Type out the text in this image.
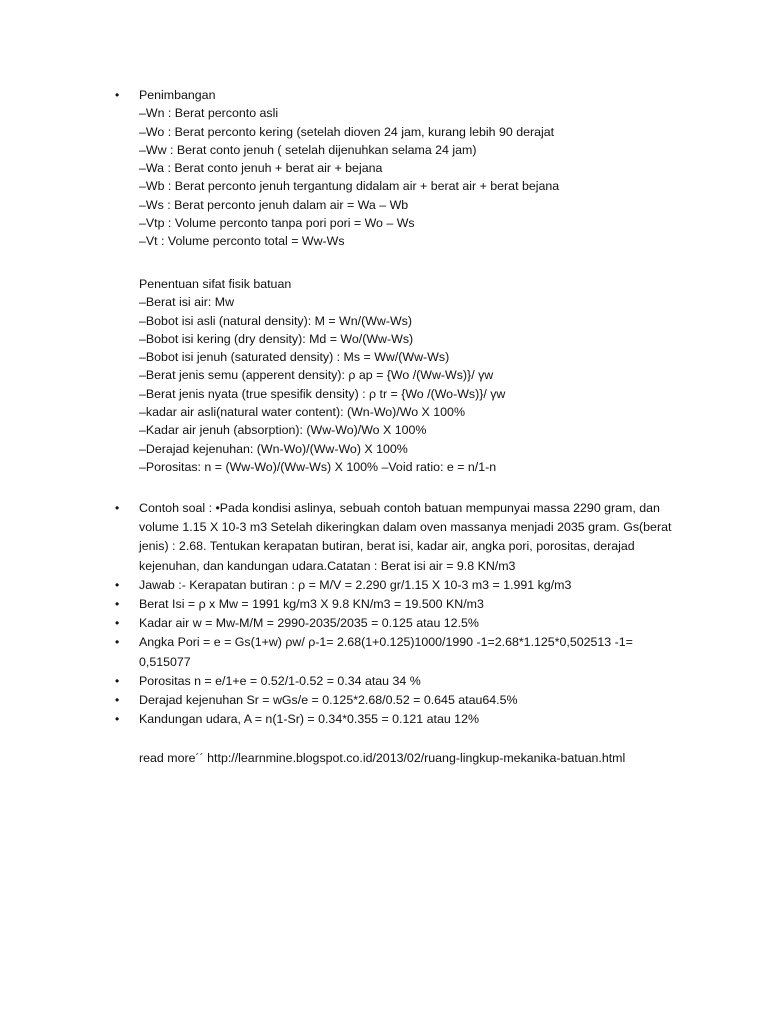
• Penimbangan
–Wn : Berat perconto asli
–Wo : Berat perconto kering (setelah dioven 24 jam, kurang lebih 90 derajat
–Ww : Berat conto jenuh ( setelah dijenuhkan selama 24 jam)
–Wa : Berat conto jenuh + berat air + bejana
–Wb : Berat perconto jenuh tergantung didalam air + berat air + berat bejana
–Ws : Berat perconto jenuh dalam air = Wa – Wb
–Vtp : Volume perconto tanpa pori pori = Wo – Ws
–Vt : Volume perconto total = Ww-Ws
Penentuan sifat fisik batuan
–Berat isi air: Mw
–Bobot isi asli (natural density): M = Wn/(Ww-Ws)
–Bobot isi kering (dry density): Md = Wo/(Ww-Ws)
–Bobot isi jenuh (saturated density) : Ms = Ww/(Ww-Ws)
–Berat jenis semu (apperent density): ρ ap = {Wo /(Ww-Ws)}/ γw
–Berat jenis nyata (true spesifik density) : ρ tr = {Wo /(Wo-Ws)}/ γw
–kadar air asli(natural water content): (Wn-Wo)/Wo X 100%
–Kadar air jenuh (absorption): (Ww-Wo)/Wo X 100%
–Derajad kejenuhan: (Wn-Wo)/(Ww-Wo) X 100%
–Porositas: n = (Ww-Wo)/(Ww-Ws) X 100% –Void ratio: e = n/1-n
• Contoh soal : •Pada kondisi aslinya, sebuah contoh batuan mempunyai massa 2290 gram, dan volume 1.15 X 10-3 m3 Setelah dikeringkan dalam oven massanya menjadi 2035 gram. Gs(berat jenis) : 2.68. Tentukan kerapatan butiran, berat isi, kadar air, angka pori, porositas, derajad kejenuhan, dan kandungan udara.Catatan : Berat isi air = 9.8 KN/m3
• Jawab :- Kerapatan butiran : ρ = M/V = 2.290 gr/1.15 X 10-3 m3 = 1.991 kg/m3
• Berat Isi = ρ x Mw = 1991 kg/m3 X 9.8 KN/m3 = 19.500 KN/m3
• Kadar air w = Mw-M/M = 2990-2035/2035 = 0.125 atau 12.5%
• Angka Pori = e = Gs(1+w) ρw/ ρ-1= 2.68(1+0.125)1000/1990 -1=2.68*1.125*0,502513 -1= 0,515077
• Porositas n = e/1+e = 0.52/1-0.52 = 0.34 atau 34 %
• Derajad kejenuhan Sr = wGs/e = 0.125*2.68/0.52 = 0.645 atau64.5%
• Kandungan udara, A = n(1-Sr) = 0.34*0.355 = 0.121 atau 12%
read more´´ http://learnmine.blogspot.co.id/2013/02/ruang-lingkup-mekanika-batuan.html
